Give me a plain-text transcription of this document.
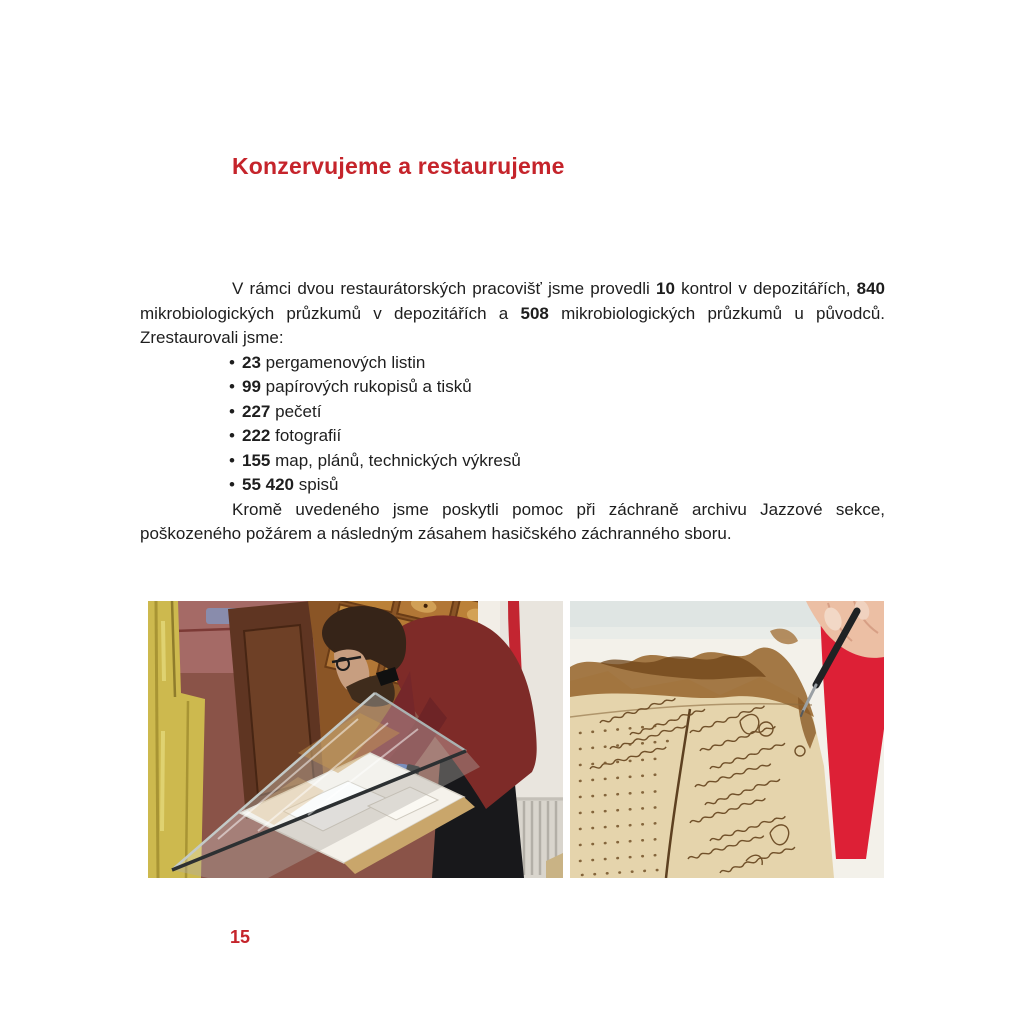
Konzervujeme a restaurujeme

V rámci dvou restaurátorských pracovišť jsme provedli 10 kontrol v depozitářích, 840 mikrobiologických průzkumů v depozitářích a 508 mikrobiologických průzkumů u původců. Zrestaurovali jsme:

• 23 pergamenových listin
• 99 papírových rukopisů a tisků
• 227 pečetí
• 222 fotografií
• 155 map, plánů, technických výkresů
• 55 420 spisů

Kromě uvedeného jsme poskytli pomoc při záchraně archivu Jazzové sekce, poškozeného požárem a následným zásahem hasičského záchranného sboru.

15
